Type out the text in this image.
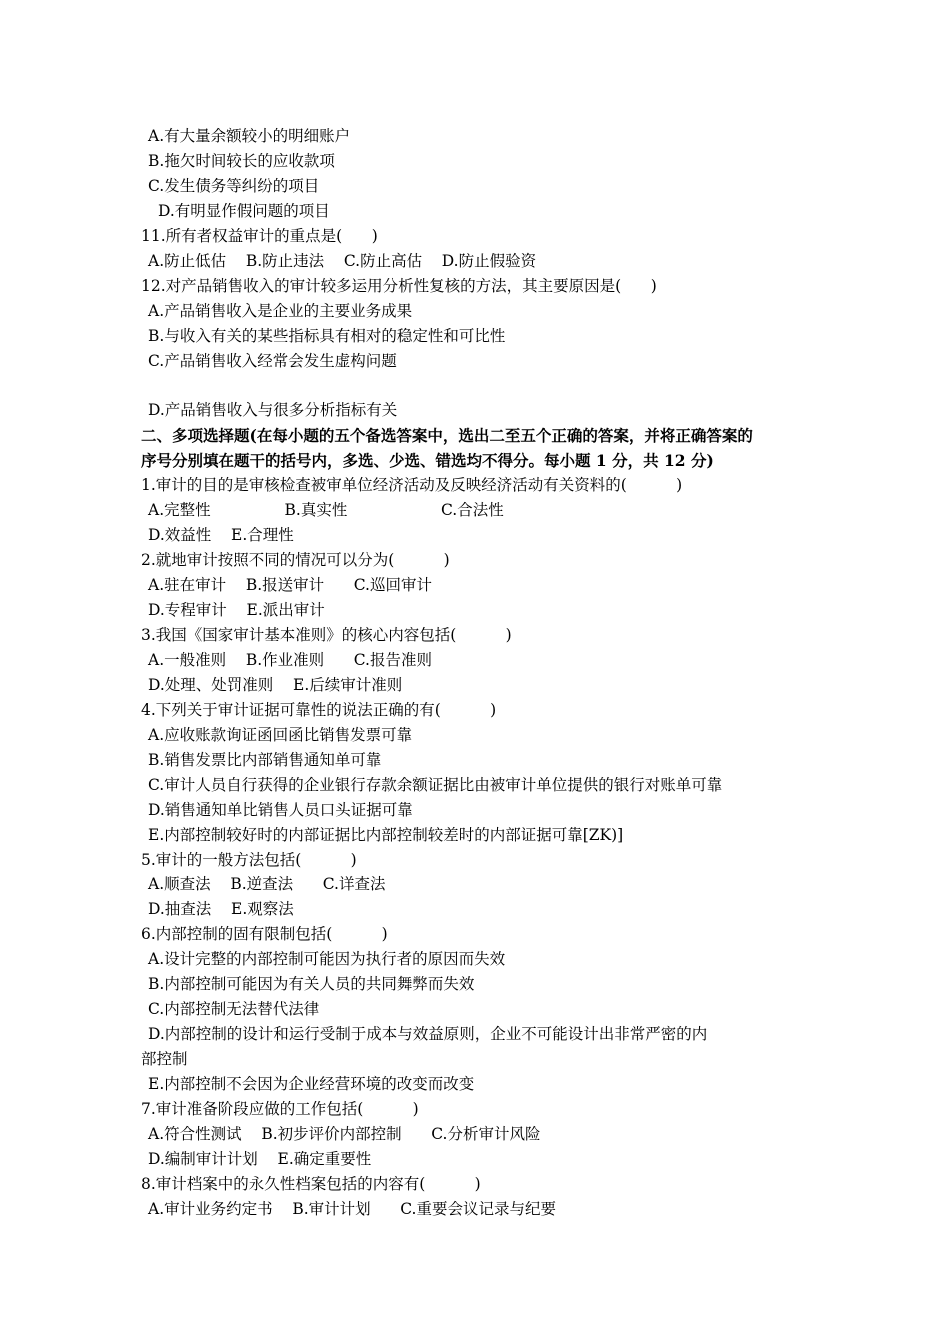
A.有大量余额较小的明细账户
B.拖欠时间较长的应收款项
C.发生债务等纠纷的项目
D.有明显作假问题的项目
11.所有者权益审计的重点是(      )
A.防止低估    B.防止违法    C.防止高估    D.防止假验资
12.对产品销售收入的审计较多运用分析性复核的方法，其主要原因是(      )
A.产品销售收入是企业的主要业务成果
B.与收入有关的某些指标具有相对的稳定性和可比性
C.产品销售收入经常会发生虚构问题
D.产品销售收入与很多分析指标有关
二、多项选择题(在每小题的五个备选答案中，选出二至五个正确的答案，并将正确答案的
序号分别填在题干的括号内，多选、少选、错选均不得分。每小题 1 分，共 12 分)
1.审计的目的是审核检查被审单位经济活动及反映经济活动有关资料的(          )
A.完整性               B.真实性                   C.合法性
D.效益性    E.合理性
2.就地审计按照不同的情况可以分为(          )
A.驻在审计    B.报送审计      C.巡回审计
D.专程审计    E.派出审计
3.我国《国家审计基本准则》的核心内容包括(          )
A.一般准则    B.作业准则      C.报告准则
D.处理、处罚准则    E.后续审计准则
4.下列关于审计证据可靠性的说法正确的有(          )
A.应收账款询证函回函比销售发票可靠
B.销售发票比内部销售通知单可靠
C.审计人员自行获得的企业银行存款余额证据比由被审计单位提供的银行对账单可靠
D.销售通知单比销售人员口头证据可靠
E.内部控制较好时的内部证据比内部控制较差时的内部证据可靠[ZK)]
5.审计的一般方法包括(          )
A.顺查法    B.逆查法      C.详查法
D.抽查法    E.观察法
6.内部控制的固有限制包括(          )
A.设计完整的内部控制可能因为执行者的原因而失效
B.内部控制可能因为有关人员的共同舞弊而失效
C.内部控制无法替代法律
D.内部控制的设计和运行受制于成本与效益原则，企业不可能设计出非常严密的内
部控制
E.内部控制不会因为企业经营环境的改变而改变
7.审计准备阶段应做的工作包括(          )
A.符合性测试    B.初步评价内部控制      C.分析审计风险
D.编制审计计划    E.确定重要性
8.审计档案中的永久性档案包括的内容有(          )
A.审计业务约定书    B.审计计划      C.重要会议记录与纪要
